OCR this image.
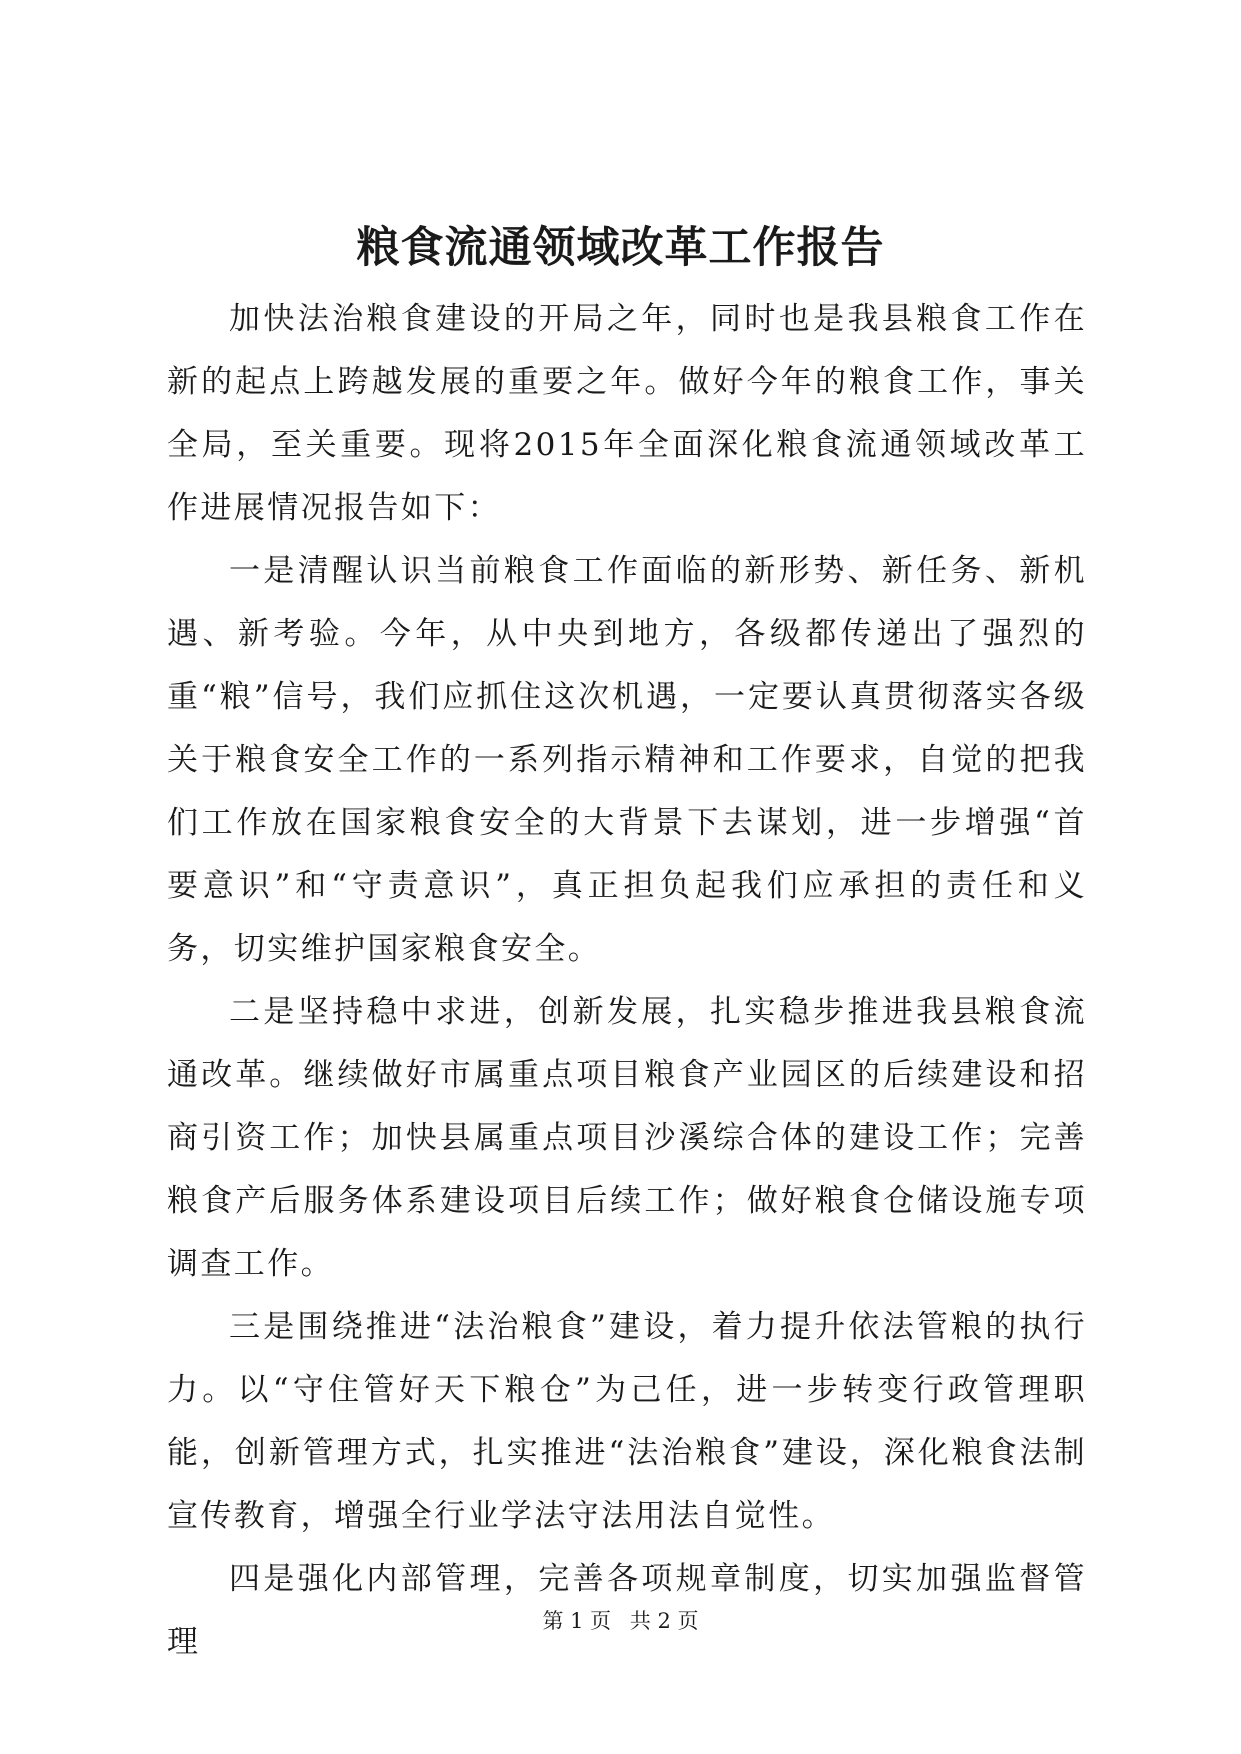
粮食流通领域改革工作报告

加快法治粮食建设的开局之年，同时也是我县粮食工作在新的起点上跨越发展的重要之年。做好今年的粮食工作，事关全局，至关重要。现将2015年全面深化粮食流通领域改革工作进展情况报告如下：

一是清醒认识当前粮食工作面临的新形势、新任务、新机遇、新考验。今年，从中央到地方，各级都传递出了强烈的重“粮”信号，我们应抓住这次机遇，一定要认真贯彻落实各级关于粮食安全工作的一系列指示精神和工作要求，自觉的把我们工作放在国家粮食安全的大背景下去谋划，进一步增强“首要意识”和“守责意识”，真正担负起我们应承担的责任和义务，切实维护国家粮食安全。

二是坚持稳中求进，创新发展，扎实稳步推进我县粮食流通改革。继续做好市属重点项目粮食产业园区的后续建设和招商引资工作；加快县属重点项目沙溪综合体的建设工作；完善粮食产后服务体系建设项目后续工作；做好粮食仓储设施专项调查工作。

三是围绕推进“法治粮食”建设，着力提升依法管粮的执行力。以“守住管好天下粮仓”为己任，进一步转变行政管理职能，创新管理方式，扎实推进“法治粮食”建设，深化粮食法制宣传教育，增强全行业学法守法用法自觉性。

四是强化内部管理，完善各项规章制度，切实加强监督管理

第 1 页 共 2 页
